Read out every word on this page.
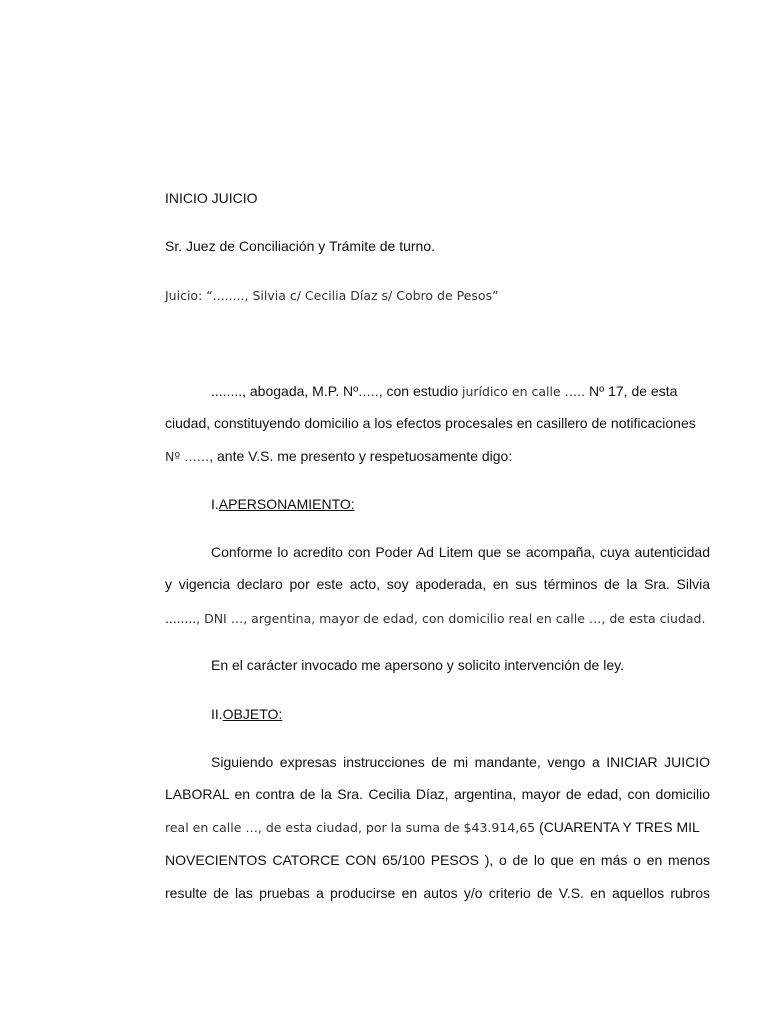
INICIO JUICIO
Sr. Juez de Conciliación y Trámite de turno.
Juicio: “........, Silvia c/ Cecilia Díaz s/ Cobro de Pesos”
........, abogada, M.P. Nº….., con estudio jurídico en calle ….. Nº 17, de esta
ciudad, constituyendo domicilio a los efectos procesales en casillero de notificaciones
Nº ……, ante V.S. me presento y respetuosamente digo:
I.APERSONAMIENTO:
Conforme lo acredito con Poder Ad Litem que se acompaña, cuya autenticidad
y vigencia declaro por este acto, soy apoderada, en sus términos de la Sra. Silvia
........, DNI …, argentina, mayor de edad, con domicilio real en calle …, de esta ciudad.
En el carácter invocado me apersono y solicito intervención de ley.
II.OBJETO:
Siguiendo expresas instrucciones de mi mandante, vengo a INICIAR JUICIO
LABORAL en contra de la Sra. Cecilia Díaz, argentina, mayor de edad, con domicilio
real en calle …, de esta ciudad, por la suma de $43.914,65 (CUARENTA Y TRES MIL
NOVECIENTOS CATORCE CON 65/100 PESOS ), o de lo que en más o en menos
resulte de las pruebas a producirse en autos y/o criterio de V.S. en aquellos rubros
